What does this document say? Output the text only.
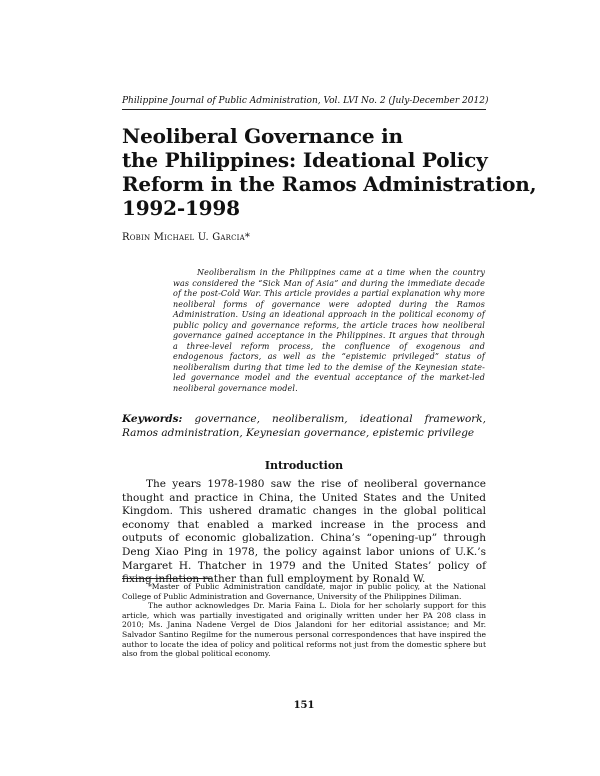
Philippine Journal of Public Administration, Vol. LVI No. 2 (July-December 2012)
Neoliberal Governance in
the Philippines: Ideational Policy
Reform in the Ramos Administration,
1992-1998
Robin Michael U. Garcia*
Neoliberalism in the Philippines came at a time when the country was considered the “Sick Man of Asia” and during the immediate decade of the post-Cold War. This article provides a partial explanation why more neoliberal forms of governance were adopted during the Ramos Administration. Using an ideational approach in the political economy of public policy and governance reforms, the article traces how neoliberal governance gained acceptance in the Philippines. It argues that through a three-level reform process, the confluence of exogenous and endogenous factors, as well as the “epistemic privileged” status of neoliberalism during that time led to the demise of the Keynesian state-led governance model and the eventual acceptance of the market-led neoliberal governance model.
Keywords: governance, neoliberalism, ideational framework, Ramos administration, Keynesian governance, epistemic privilege
Introduction

The years 1978-1980 saw the rise of neoliberal governance thought and practice in China, the United States and the United Kingdom. This ushered dramatic changes in the global political economy that enabled a marked increase in the process and outputs of economic globalization. China’s “opening-up” through Deng Xiao Ping in 1978, the policy against labor unions of U.K.’s Margaret H. Thatcher in 1979 and the United States’ policy of fixing inflation rather than full employment by Ronald W.

*Master of Public Administration candidate, major in public policy, at the National College of Public Administration and Governance, University of the Philippines Diliman.

The author acknowledges Dr. Maria Faina L. Diola for her scholarly support for this article, which was partially investigated and originally written under her PA 208 class in 2010; Ms. Janina Nadene Vergel de Dios Jalandoni for her editorial assistance; and Mr. Salvador Santino Regilme for the numerous personal correspondences that have inspired the author to locate the idea of policy and political reforms not just from the domestic sphere but also from the global political economy.

151
